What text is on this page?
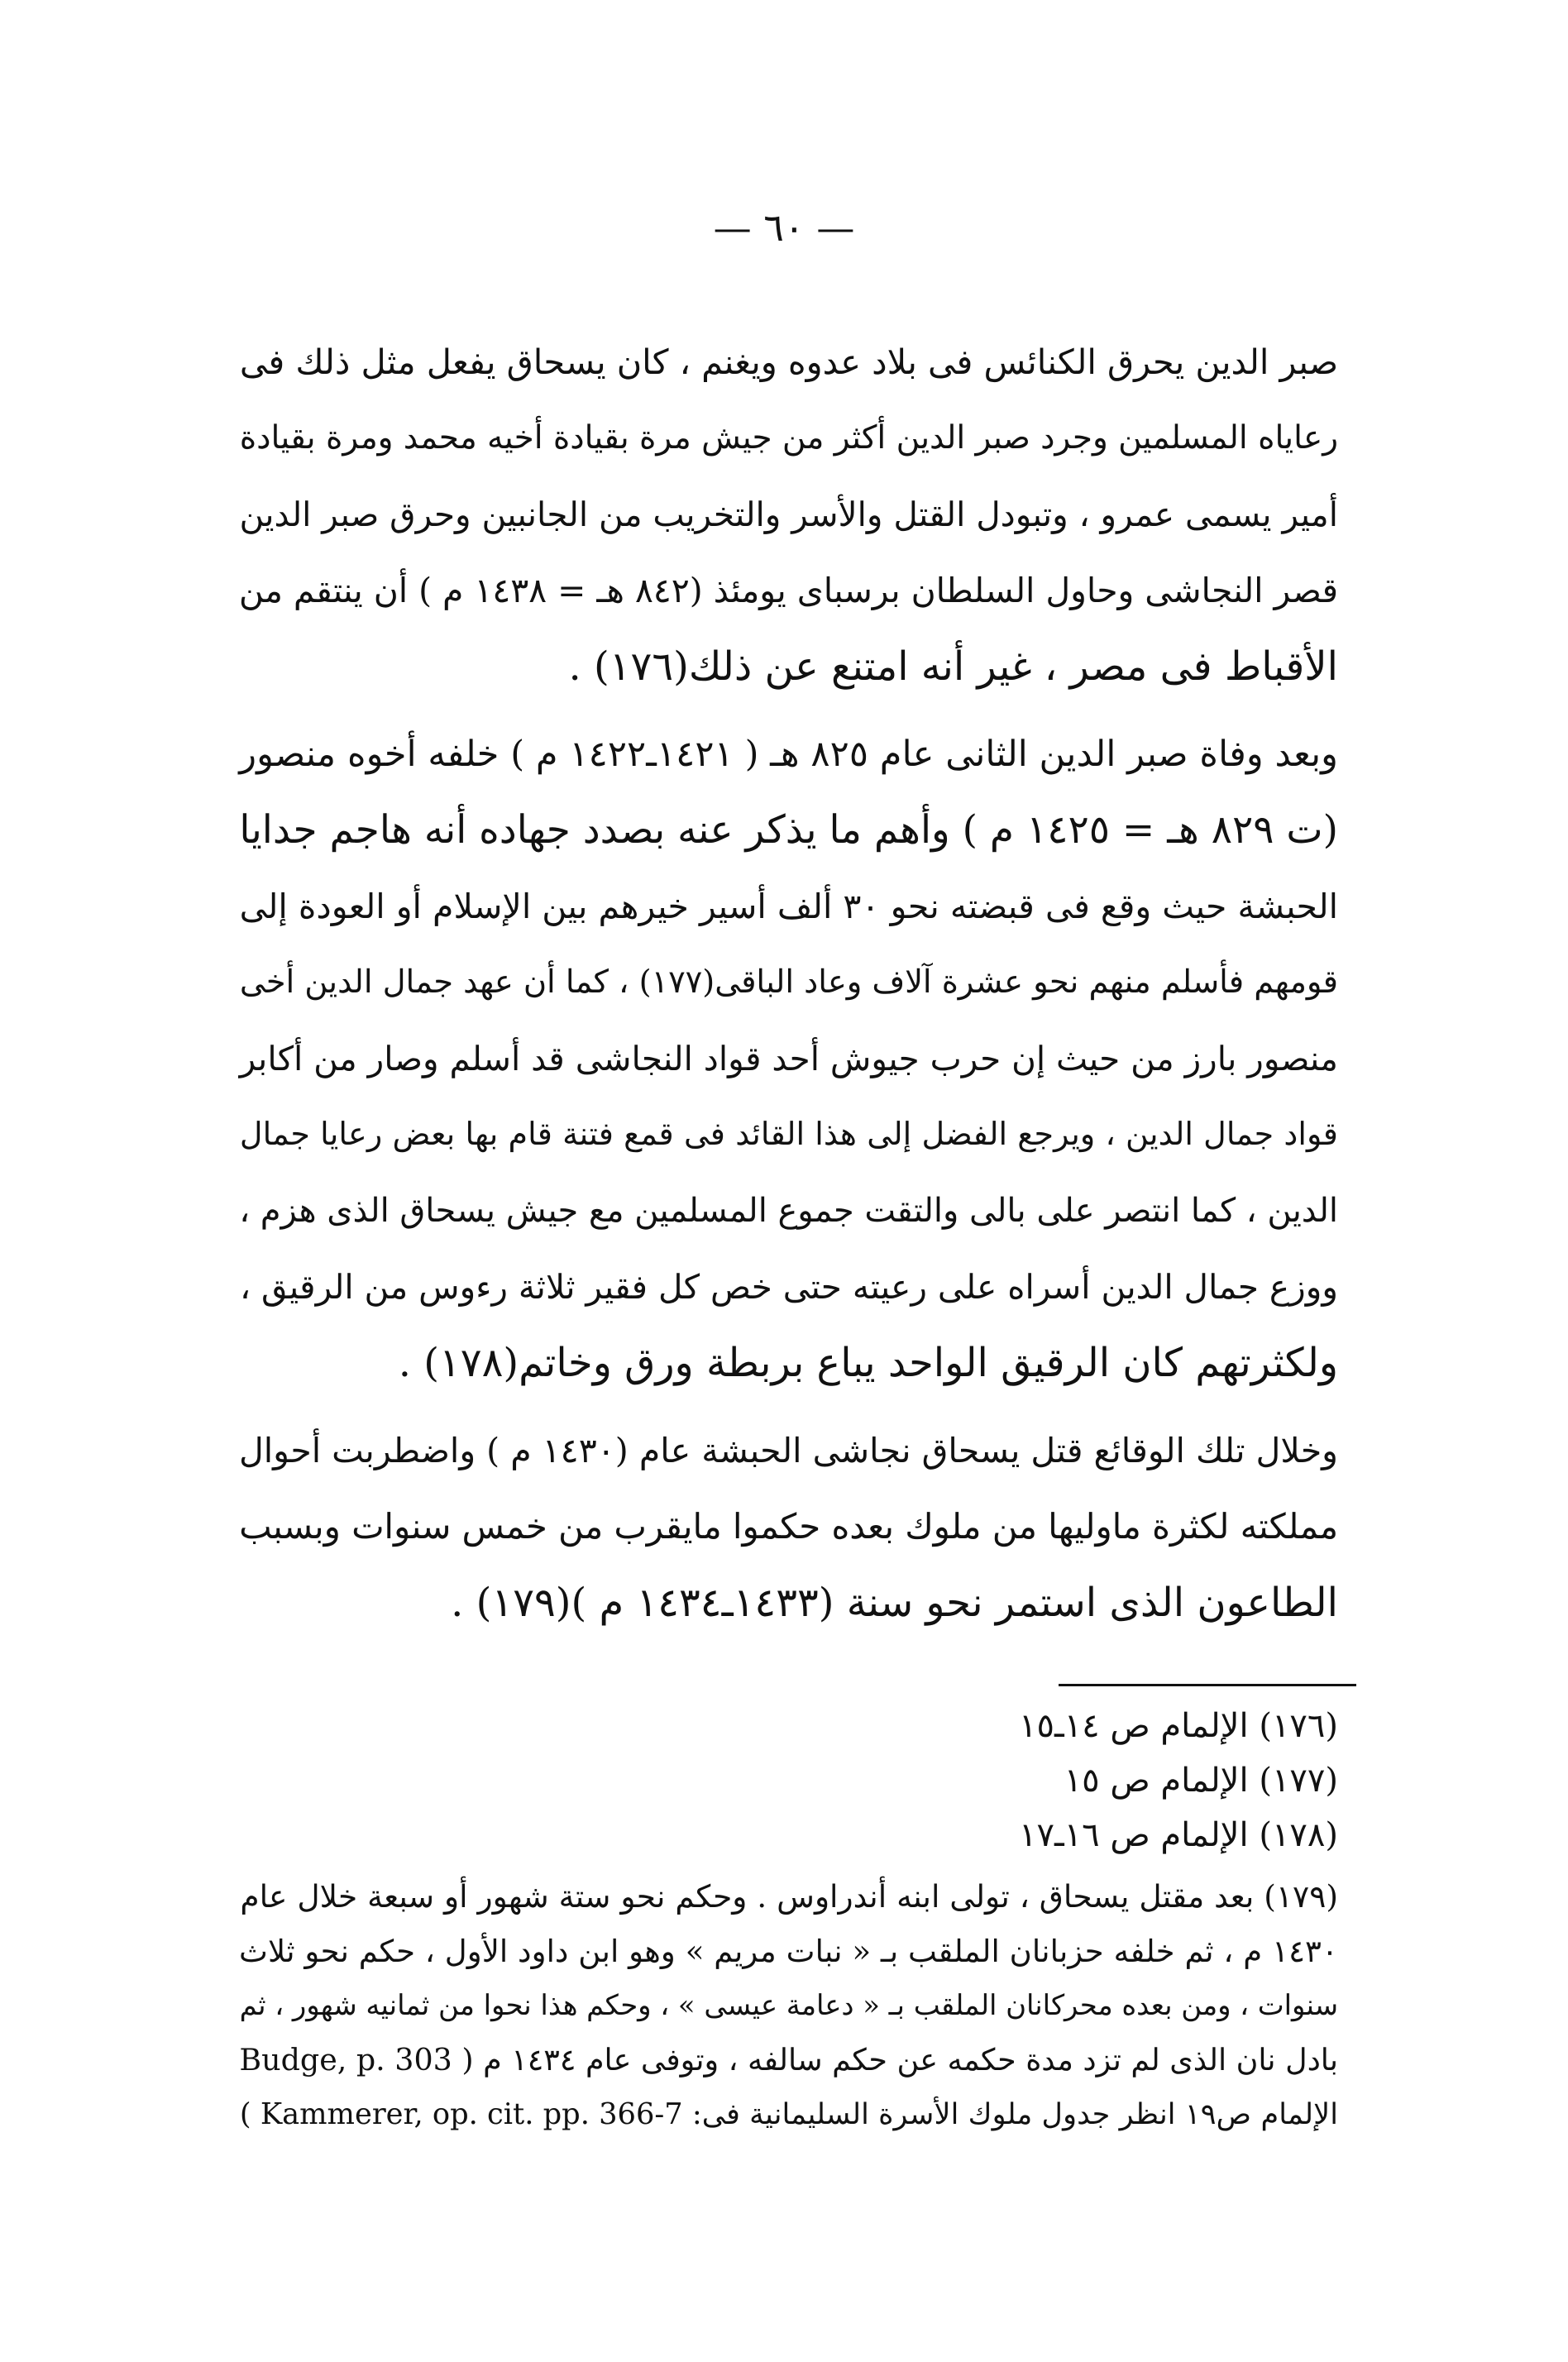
— ٦٠ —
صبر الدين يحرق الكنائس فى بلاد عدوه ويغنم ، كان يسحاق يفعل مثل ذلك فى
رعاياه المسلمين وجرد صبر الدين أكثر من جيش مرة بقيادة أخيه محمد ومرة بقيادة
أمير يسمى عمرو ، وتبودل القتل والأسر والتخريب من الجانبين وحرق صبر الدين
قصر النجاشى وحاول السلطان برسباى يومئذ (٨٤٢ هـ = ١٤٣٨ م ) أن ينتقم من
الأقباط فى مصر ، غير أنه امتنع عن ذلك(١٧٦) .
وبعد وفاة صبر الدين الثانى عام ٨٢٥ هـ ( ١٤٢١ـ١٤٢٢ م ) خلفه أخوه منصور
(ت ٨٢٩ هـ = ١٤٢٥ م ) وأهم ما يذكر عنه بصدد جهاده أنه هاجم جدايا
الحبشة حيث وقع فى قبضته نحو ٣٠ ألف أسير خيرهم بين الإسلام أو العودة إلى
قومهم فأسلم منهم نحو عشرة آلاف وعاد الباقى(١٧٧) ، كما أن عهد جمال الدين أخى
منصور بارز من حيث إن حرب جيوش أحد قواد النجاشى قد أسلم وصار من أكابر
قواد جمال الدين ، ويرجع الفضل إلى هذا القائد فى قمع فتنة قام بها بعض رعايا جمال
الدين ، كما انتصر على بالى والتقت جموع المسلمين مع جيش يسحاق الذى هزم ،
ووزع جمال الدين أسراه على رعيته حتى خص كل فقير ثلاثة رءوس من الرقيق ،
ولكثرتهم كان الرقيق الواحد يباع بربطة ورق وخاتم(١٧٨) .
وخلال تلك الوقائع قتل يسحاق نجاشى الحبشة عام (١٤٣٠ م ) واضطربت أحوال
مملكته لكثرة ماوليها من ملوك بعده حكموا مايقرب من خمس سنوات وبسبب
الطاعون الذى استمر نحو سنة (١٤٣٣ـ١٤٣٤ م )(١٧٩) .
(١٧٦) الإلمام ص ١٤ـ١٥
(١٧٧) الإلمام ص ١٥
(١٧٨) الإلمام ص ١٦ـ١٧
(١٧٩) بعد مقتل يسحاق ، تولى ابنه أندراوس . وحكم نحو ستة شهور أو سبعة خلال عام
١٤٣٠ م ، ثم خلفه حزبانان الملقب بـ « نبات مريم » وهو ابن داود الأول ، حكم نحو ثلاث
سنوات ، ومن بعده محركانان الملقب بـ « دعامة عيسى » ، وحكم هذا نحوا من ثمانيه شهور ، ثم
بادل نان الذى لم تزد مدة حكمه عن حكم سالفه ، وتوفى عام ١٤٣٤ م ( Budge, p. 303
الإلمام ص١٩ انظر جدول ملوك الأسرة السليمانية فى: Kammerer, op. cit. pp. 366-7 )
